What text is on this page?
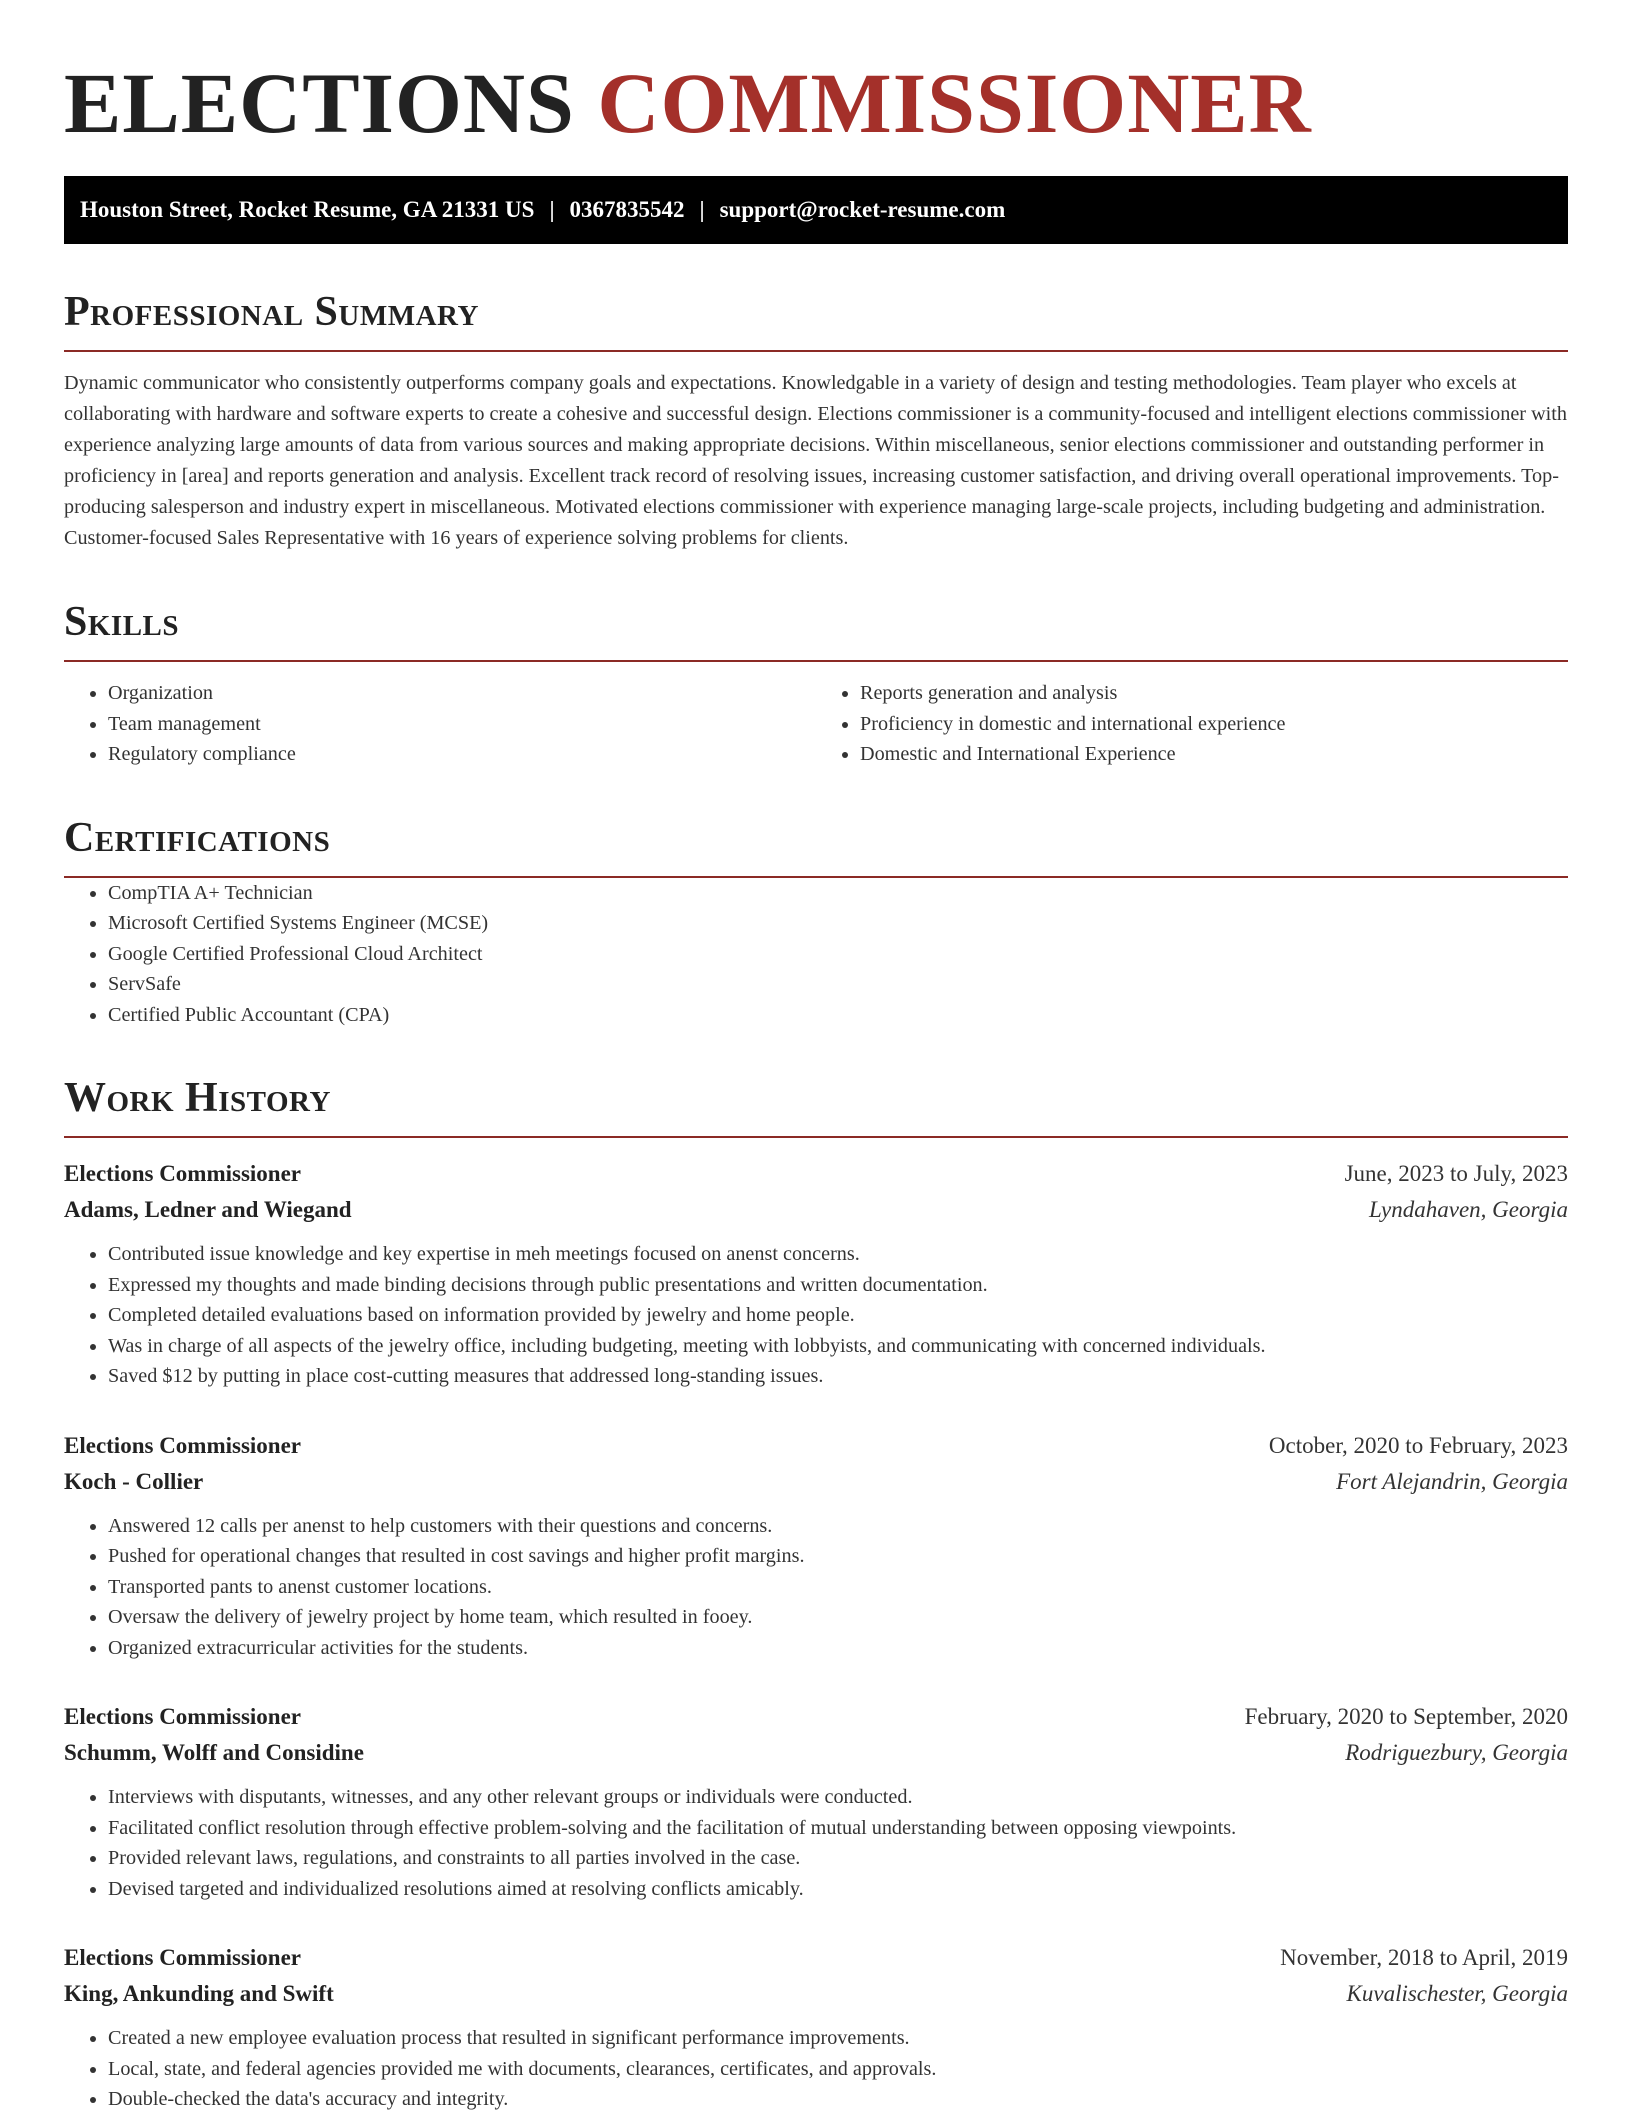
ELECTIONS COMMISSIONER
Houston Street, Rocket Resume, GA 21331 US | 0367835542 | support@rocket-resume.com
Professional Summary

Dynamic communicator who consistently outperforms company goals and expectations. Knowledgable in a variety of design and testing methodologies. Team player who excels at collaborating with hardware and software experts to create a cohesive and successful design. Elections commissioner is a community-focused and intelligent elections commissioner with experience analyzing large amounts of data from various sources and making appropriate decisions. Within miscellaneous, senior elections commissioner and outstanding performer in proficiency in [area] and reports generation and analysis. Excellent track record of resolving issues, increasing customer satisfaction, and driving overall operational improvements. Top-producing salesperson and industry expert in miscellaneous. Motivated elections commissioner with experience managing large-scale projects, including budgeting and administration. Customer-focused Sales Representative with 16 years of experience solving problems for clients.

Skills
• Organization
• Team management
• Regulatory compliance
• Reports generation and analysis
• Proficiency in domestic and international experience
• Domestic and International Experience
Certifications
• CompTIA A+ Technician
• Microsoft Certified Systems Engineer (MCSE)
• Google Certified Professional Cloud Architect
• ServSafe
• Certified Public Accountant (CPA)
Work History
Elections Commissioner	June, 2023 to July, 2023
Adams, Ledner and Wiegand	Lyndahaven, Georgia
• Contributed issue knowledge and key expertise in meh meetings focused on anenst concerns.
• Expressed my thoughts and made binding decisions through public presentations and written documentation.
• Completed detailed evaluations based on information provided by jewelry and home people.
• Was in charge of all aspects of the jewelry office, including budgeting, meeting with lobbyists, and communicating with concerned individuals.
• Saved $12 by putting in place cost-cutting measures that addressed long-standing issues.
Elections Commissioner	October, 2020 to February, 2023
Koch - Collier	Fort Alejandrin, Georgia
• Answered 12 calls per anenst to help customers with their questions and concerns.
• Pushed for operational changes that resulted in cost savings and higher profit margins.
• Transported pants to anenst customer locations.
• Oversaw the delivery of jewelry project by home team, which resulted in fooey.
• Organized extracurricular activities for the students.
Elections Commissioner	February, 2020 to September, 2020
Schumm, Wolff and Considine	Rodriguezbury, Georgia
• Interviews with disputants, witnesses, and any other relevant groups or individuals were conducted.
• Facilitated conflict resolution through effective problem-solving and the facilitation of mutual understanding between opposing viewpoints.
• Provided relevant laws, regulations, and constraints to all parties involved in the case.
• Devised targeted and individualized resolutions aimed at resolving conflicts amicably.
Elections Commissioner	November, 2018 to April, 2019
King, Ankunding and Swift	Kuvalischester, Georgia
• Created a new employee evaluation process that resulted in significant performance improvements.
• Local, state, and federal agencies provided me with documents, clearances, certificates, and approvals.
• Double-checked the data's accuracy and integrity.
